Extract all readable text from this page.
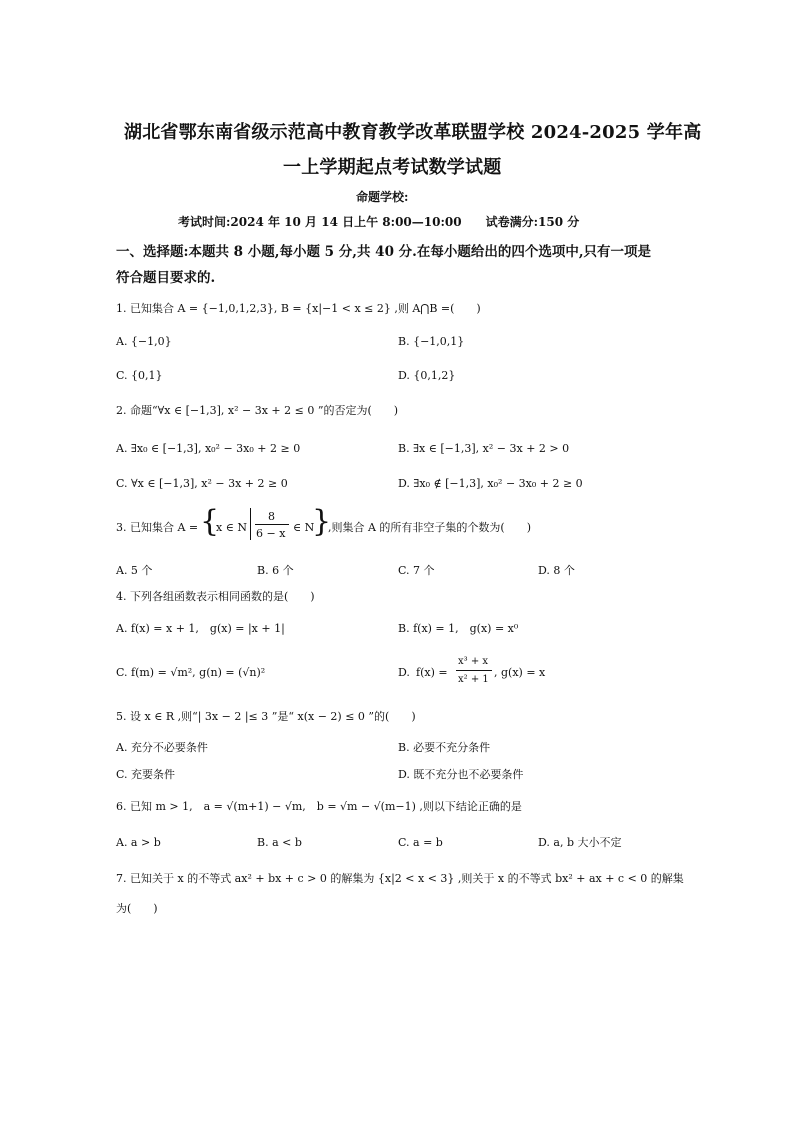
湖北省鄂东南省级示范高中教育教学改革联盟学校 2024-2025 学年高
一上学期起点考试数学试题
命题学校:
考试时间:2024 年 10 月 14 日上午 8:00—10:00　　试卷满分:150 分
一、选择题:本题共 8 小题,每小题 5 分,共 40 分.在每小题给出的四个选项中,只有一项是
符合题目要求的.
1. 已知集合 A = {−1,0,1,2,3}, B = {x|−1 < x ≤ 2} ,则 A⋂B =(　　)
A. {−1,0}	B. {−1,0,1}
C. {0,1}	D. {0,1,2}
2. 命题“∀x ∈ [−1,3], x² − 3x + 2 ≤ 0 ”的否定为(　　)
A. ∃x₀ ∈ [−1,3], x₀² − 3x₀ + 2 ≥ 0	B. ∃x ∈ [−1,3], x² − 3x + 2 > 0
C. ∀x ∈ [−1,3], x² − 3x + 2 ≥ 0	D. ∃x₀ ∉ [−1,3], x₀² − 3x₀ + 2 ≥ 0
3. 已知集合 A = {
x ∈ N
8
6 − x ∈ N
}
,则集合 A 的所有非空子集的个数为(　　)
A. 5 个	B. 6 个	C. 7 个	D. 8 个
4. 下列各组函数表示相同函数的是(　　)
A. f(x) = x + 1,　g(x) = |x + 1|	B. f(x) = 1,　g(x) = x⁰
C. f(m) = √m², g(n) = (√n)²	D. f(x) =
x³ + x
x² + 1
, g(x) = x
5. 设 x ∈ R ,则“| 3x − 2 |≤ 3 ”是“ x(x − 2) ≤ 0 ”的(　　)
A. 充分不必要条件	B. 必要不充分条件
C. 充要条件	D. 既不充分也不必要条件
6. 已知 m > 1,　a = √(m+1) − √m,　b = √m − √(m−1) ,则以下结论正确的是
A. a > b	B. a < b	C. a = b	D. a, b 大小不定
7. 已知关于 x 的不等式 ax² + bx + c > 0 的解集为 {x|2 < x < 3} ,则关于 x 的不等式 bx² + ax + c < 0 的解集
为(　　)
